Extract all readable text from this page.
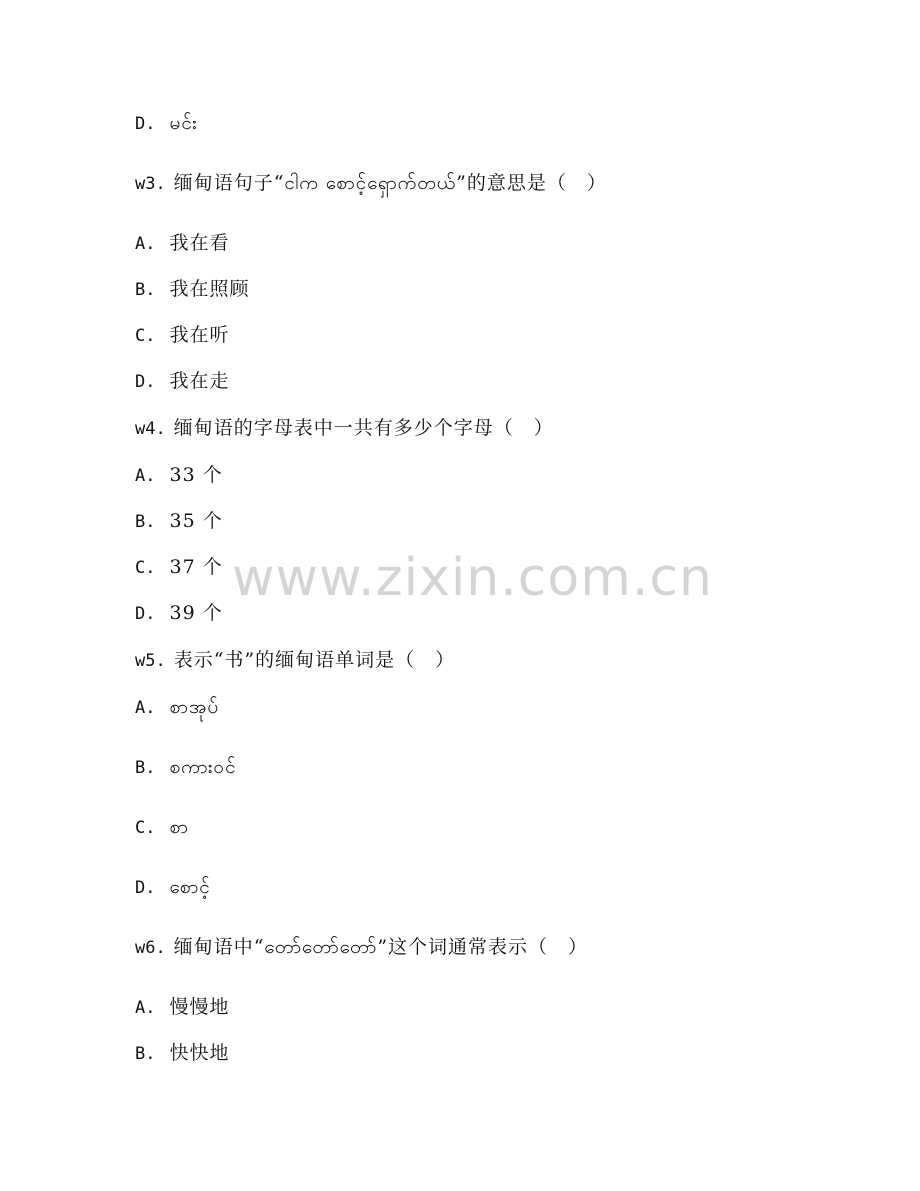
D. မင်း
w3. 缅甸语句子“ငါက စောင့်ရှောက်တယ်”的意思是（　）
A. 我在看
B. 我在照顾
C. 我在听
D. 我在走
w4. 缅甸语的字母表中一共有多少个字母（　）
A. 33 个
B. 35 个
C. 37 个
D. 39 个
w5. 表示“书”的缅甸语单词是（　）
A. စာအုပ်
B. စကားဝင်
C. စာ
D. စောင့်
w6. 缅甸语中“တော်တော်တော်”这个词通常表示（　）
A. 慢慢地
B. 快快地
www.zixin.com.cn
